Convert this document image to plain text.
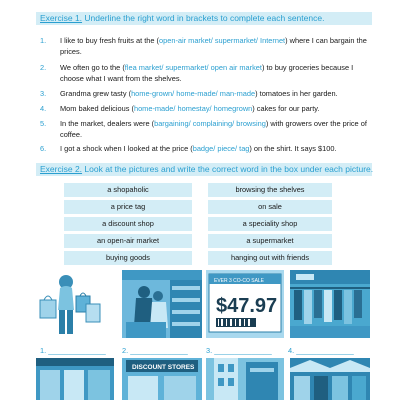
Exercise 1. Underline the right word in brackets to complete each sentence.
1. I like to buy fresh fruits at the (open-air market/ supermarket/ Internet) where I can bargain the prices.
2. We often go to the (flea market/ supermarket/ open air market) to buy groceries because I choose what I want from the shelves.
3. Grandma grew tasty (home-grown/ home-made/ man-made) tomatoes in her garden.
4. Mom baked delicious (home-made/ homestay/ homegrown) cakes for our party.
5. In the market, dealers were (bargaining/ complaining/ browsing) with growers over the price of coffee.
6. I got a shock when I looked at the price (badge/ piece/ tag) on the shirt. It says $100.
Exercise 2. Look at the pictures and write the correct word in the box under each picture.
a shopaholic
a price tag
a discount shop
an open-air market
buying goods
browsing the shelves
on sale
a speciality shop
a supermarket
hanging out with friends
EVER 3 CO-CO SALE
$47.97
1. ______________ 2. ______________ 3. ______________ 4. ______________
DISCOUNT STORES
